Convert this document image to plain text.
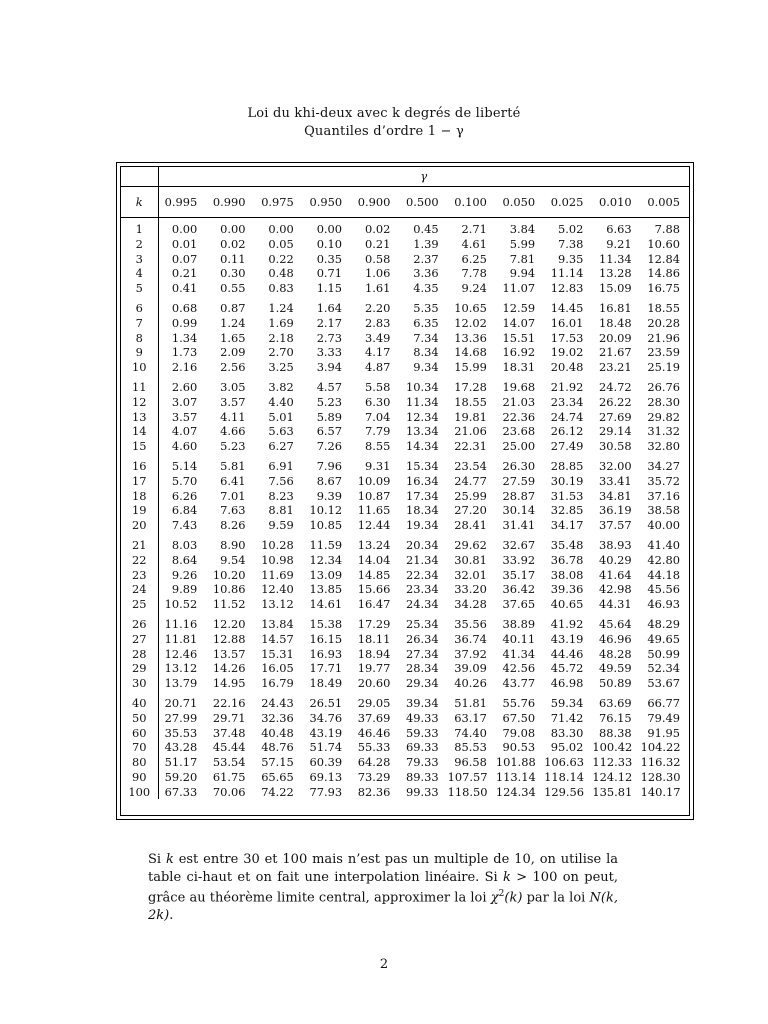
Loi du khi-deux avec k degrés de liberté
Quantiles d’ordre 1 − γ
	γ										
k	0.995	0.990	0.975	0.950	0.900	0.500	0.100	0.050	0.025	0.010	0.005
1	0.00	0.00	0.00	0.00	0.02	0.45	2.71	3.84	5.02	6.63	7.88
2	0.01	0.02	0.05	0.10	0.21	1.39	4.61	5.99	7.38	9.21	10.60
3	0.07	0.11	0.22	0.35	0.58	2.37	6.25	7.81	9.35	11.34	12.84
4	0.21	0.30	0.48	0.71	1.06	3.36	7.78	9.94	11.14	13.28	14.86
5	0.41	0.55	0.83	1.15	1.61	4.35	9.24	11.07	12.83	15.09	16.75
6	0.68	0.87	1.24	1.64	2.20	5.35	10.65	12.59	14.45	16.81	18.55
7	0.99	1.24	1.69	2.17	2.83	6.35	12.02	14.07	16.01	18.48	20.28
8	1.34	1.65	2.18	2.73	3.49	7.34	13.36	15.51	17.53	20.09	21.96
9	1.73	2.09	2.70	3.33	4.17	8.34	14.68	16.92	19.02	21.67	23.59
10	2.16	2.56	3.25	3.94	4.87	9.34	15.99	18.31	20.48	23.21	25.19
11	2.60	3.05	3.82	4.57	5.58	10.34	17.28	19.68	21.92	24.72	26.76
12	3.07	3.57	4.40	5.23	6.30	11.34	18.55	21.03	23.34	26.22	28.30
13	3.57	4.11	5.01	5.89	7.04	12.34	19.81	22.36	24.74	27.69	29.82
14	4.07	4.66	5.63	6.57	7.79	13.34	21.06	23.68	26.12	29.14	31.32
15	4.60	5.23	6.27	7.26	8.55	14.34	22.31	25.00	27.49	30.58	32.80
16	5.14	5.81	6.91	7.96	9.31	15.34	23.54	26.30	28.85	32.00	34.27
17	5.70	6.41	7.56	8.67	10.09	16.34	24.77	27.59	30.19	33.41	35.72
18	6.26	7.01	8.23	9.39	10.87	17.34	25.99	28.87	31.53	34.81	37.16
19	6.84	7.63	8.81	10.12	11.65	18.34	27.20	30.14	32.85	36.19	38.58
20	7.43	8.26	9.59	10.85	12.44	19.34	28.41	31.41	34.17	37.57	40.00
21	8.03	8.90	10.28	11.59	13.24	20.34	29.62	32.67	35.48	38.93	41.40
22	8.64	9.54	10.98	12.34	14.04	21.34	30.81	33.92	36.78	40.29	42.80
23	9.26	10.20	11.69	13.09	14.85	22.34	32.01	35.17	38.08	41.64	44.18
24	9.89	10.86	12.40	13.85	15.66	23.34	33.20	36.42	39.36	42.98	45.56
25	10.52	11.52	13.12	14.61	16.47	24.34	34.28	37.65	40.65	44.31	46.93
26	11.16	12.20	13.84	15.38	17.29	25.34	35.56	38.89	41.92	45.64	48.29
27	11.81	12.88	14.57	16.15	18.11	26.34	36.74	40.11	43.19	46.96	49.65
28	12.46	13.57	15.31	16.93	18.94	27.34	37.92	41.34	44.46	48.28	50.99
29	13.12	14.26	16.05	17.71	19.77	28.34	39.09	42.56	45.72	49.59	52.34
30	13.79	14.95	16.79	18.49	20.60	29.34	40.26	43.77	46.98	50.89	53.67
40	20.71	22.16	24.43	26.51	29.05	39.34	51.81	55.76	59.34	63.69	66.77
50	27.99	29.71	32.36	34.76	37.69	49.33	63.17	67.50	71.42	76.15	79.49
60	35.53	37.48	40.48	43.19	46.46	59.33	74.40	79.08	83.30	88.38	91.95
70	43.28	45.44	48.76	51.74	55.33	69.33	85.53	90.53	95.02	100.42	104.22
80	51.17	53.54	57.15	60.39	64.28	79.33	96.58	101.88	106.63	112.33	116.32
90	59.20	61.75	65.65	69.13	73.29	89.33	107.57	113.14	118.14	124.12	128.30
100	67.33	70.06	74.22	77.93	82.36	99.33	118.50	124.34	129.56	135.81	140.17
Si k est entre 30 et 100 mais n’est pas un multiple de 10, on utilise la table ci-haut et on fait une interpolation linéaire. Si k > 100 on peut, grâce au théorème limite central, approximer la loi $\chi^2(k)$ par la loi N(k, 2k).
2
